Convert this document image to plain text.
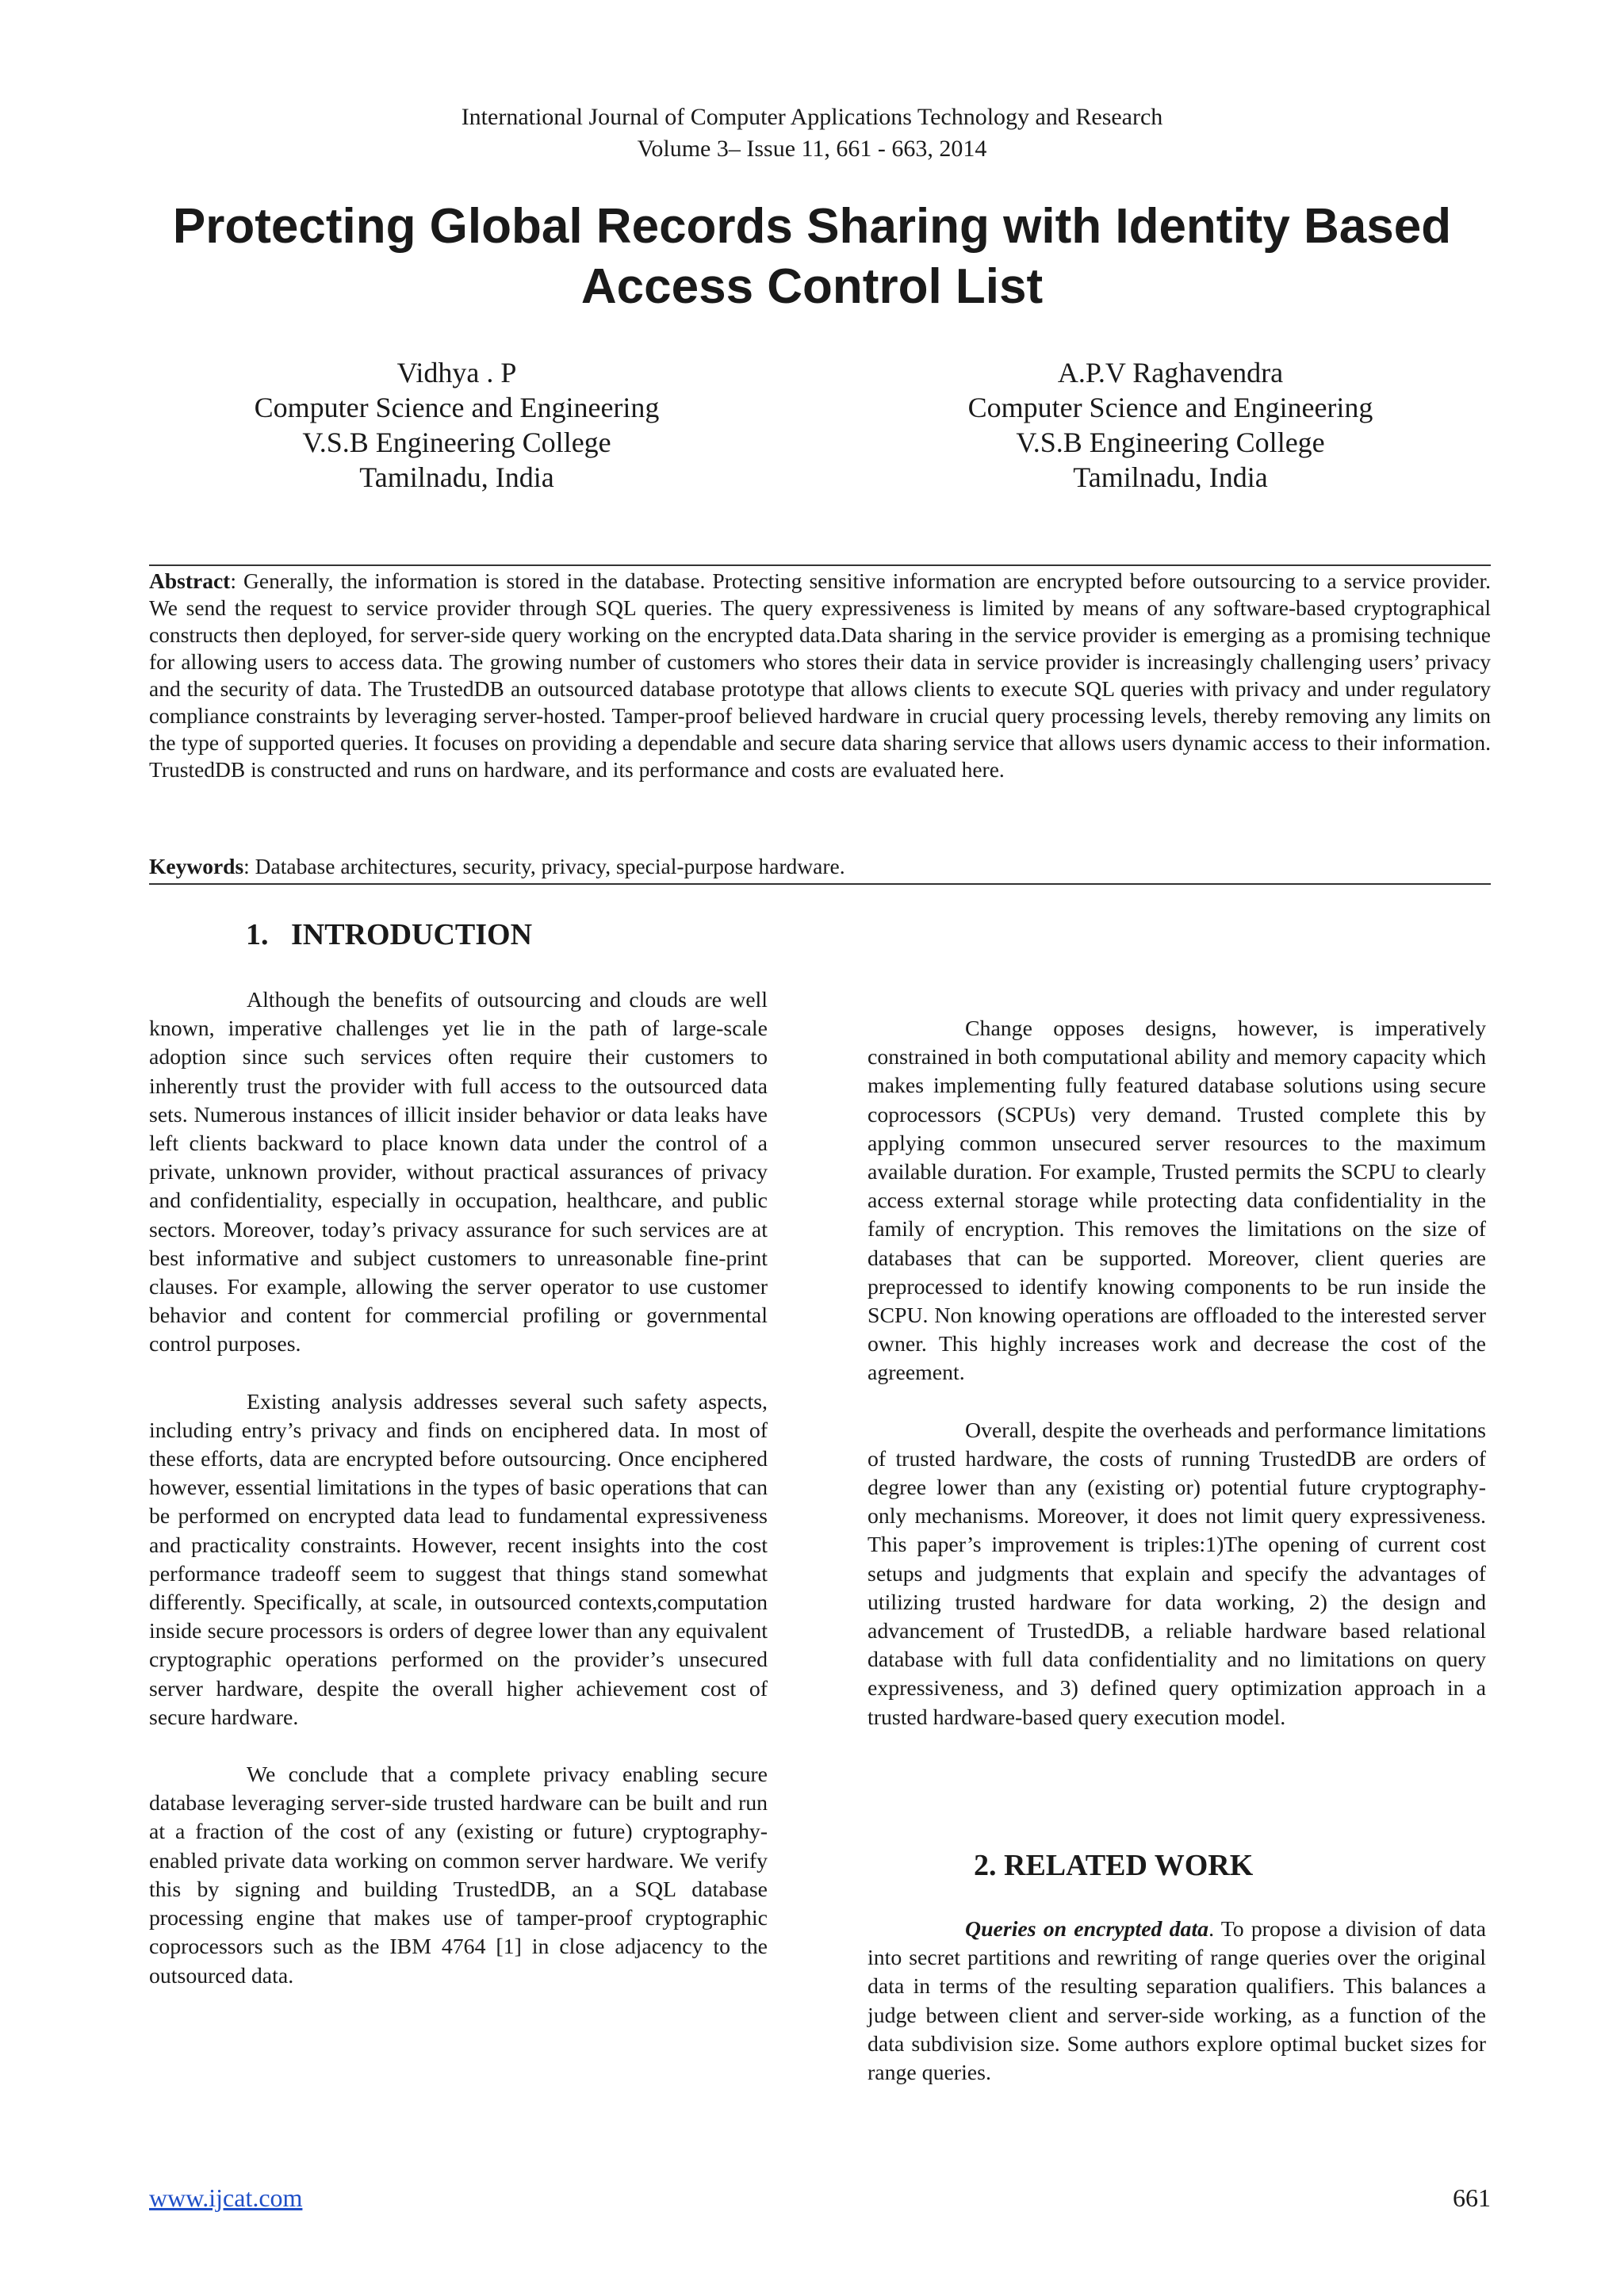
International Journal of Computer Applications Technology and Research
Volume 3– Issue 11, 661 - 663, 2014
Protecting Global Records Sharing with Identity Based
Access Control List
Vidhya . P
Computer Science and Engineering
V.S.B Engineering College
Tamilnadu, India
A.P.V Raghavendra
Computer Science and Engineering
V.S.B Engineering College
Tamilnadu, India
Abstract: Generally, the information is stored in the database. Protecting sensitive information are encrypted before outsourcing to a service provider. We send the request to service provider through SQL queries. The query expressiveness is limited by means of any software-based cryptographical constructs then deployed, for server-side query working on the encrypted data.Data sharing in the service provider is emerging as a promising technique for allowing users to access data. The growing number of customers who stores their data in service provider is increasingly challenging users’ privacy and the security of data. The TrustedDB an outsourced database prototype that allows clients to execute SQL queries with privacy and under regulatory compliance constraints by leveraging server-hosted. Tamper-proof believed hardware in crucial query processing levels, thereby removing any limits on the type of supported queries. It focuses on providing a dependable and secure data sharing service that allows users dynamic access to their information. TrustedDB is constructed and runs on hardware, and its performance and costs are evaluated here.
Keywords: Database architectures, security, privacy, special-purpose hardware.
1.   INTRODUCTION

Although the benefits of outsourcing and clouds are well known, imperative challenges yet lie in the path of large-scale adoption since such services often require their customers to inherently trust the provider with full access to the outsourced data sets. Numerous instances of illicit insider behavior or data leaks have left clients backward to place known data under the control of a private, unknown provider, without practical assurances of privacy and confidentiality, especially in occupation, healthcare, and public sectors. Moreover, today’s privacy assurance for such services are at best informative and subject customers to unreasonable fine-print clauses. For example, allowing the server operator to use customer behavior and content for commercial profiling or governmental control purposes.

Existing analysis addresses several such safety aspects, including entry’s privacy and finds on enciphered data. In most of these efforts, data are encrypted before outsourcing. Once enciphered however, essential limitations in the types of basic operations that can be performed on encrypted data lead to fundamental expressiveness and practicality constraints. However, recent insights into the cost performance tradeoff seem to suggest that things stand somewhat differently. Specifically, at scale, in outsourced contexts,computation inside secure processors is orders of degree lower than any equivalent cryptographic operations performed on the provider’s unsecured server hardware, despite the overall higher achievement cost of secure hardware.

We conclude that a complete privacy enabling secure database leveraging server-side trusted hardware can be built and run at a fraction of the cost of any (existing or future) cryptography-enabled private data working on common server hardware. We verify this by signing and building TrustedDB, an a SQL database processing engine that makes use of tamper-proof cryptographic coprocessors such as the IBM 4764 [1] in close adjacency to the outsourced data.

Change opposes designs, however, is imperatively constrained in both computational ability and memory capacity which makes implementing fully featured database solutions using secure coprocessors (SCPUs) very demand. Trusted complete this by applying common unsecured server resources to the maximum available duration. For example, Trusted permits the SCPU to clearly access external storage while protecting data confidentiality in the family of encryption. This removes the limitations on the size of databases that can be supported. Moreover, client queries are preprocessed to identify knowing components to be run inside the SCPU. Non knowing operations are offloaded to the interested server owner. This highly increases work and decrease the cost of the agreement.

Overall, despite the overheads and performance limitations of trusted hardware, the costs of running TrustedDB are orders of degree lower than any (existing or) potential future cryptography-only mechanisms. Moreover, it does not limit query expressiveness. This paper’s improvement is triples:1)The opening of current cost setups and judgments that explain and specify the advantages of utilizing trusted hardware for data working, 2) the design and advancement of TrustedDB, a reliable hardware based relational database with full data confidentiality and no limitations on query expressiveness, and 3) defined query optimization approach in a trusted hardware-based query execution model.

2. RELATED WORK

Queries on encrypted data. To propose a division of data into secret partitions and rewriting of range queries over the original data in terms of the resulting separation qualifiers. This balances a judge between client and server-side working, as a function of the data subdivision size. Some authors explore optimal bucket sizes for range queries.

www.ijcat.com	661
